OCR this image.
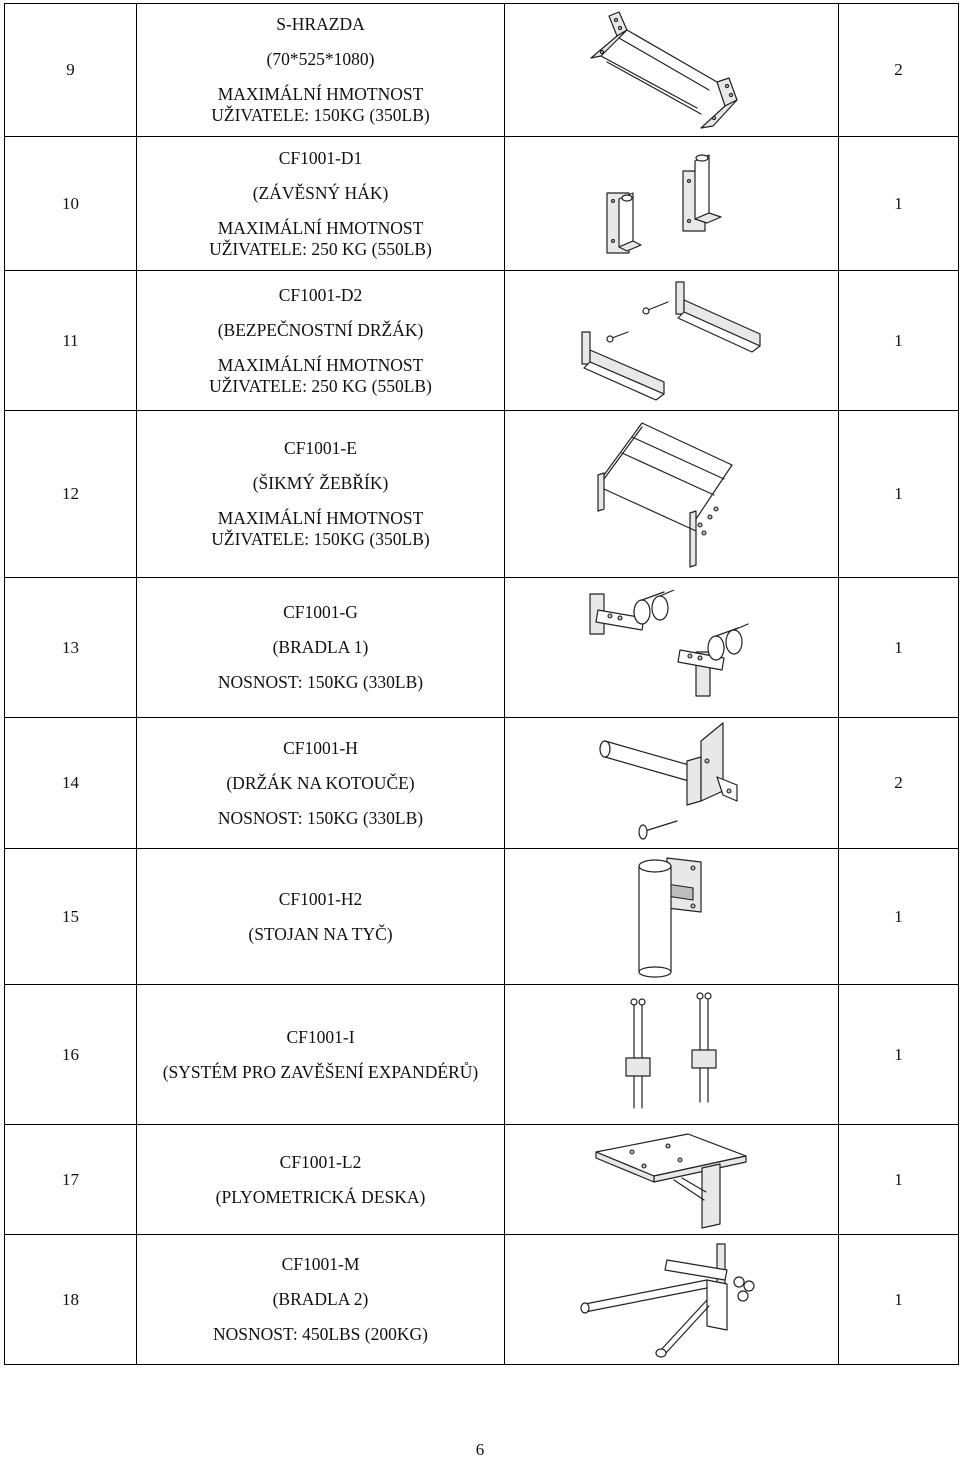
9	S-HRAZDA

(70*525*1080)

MAXIMÁLNÍ HMOTNOST

UŽIVATELE: 150KG (350LB)		2
10	CF1001-D1

(ZÁVĚSNÝ HÁK)

MAXIMÁLNÍ HMOTNOST

UŽIVATELE: 250 KG (550LB)		1
11	CF1001-D2

(BEZPEČNOSTNÍ DRŽÁK)

MAXIMÁLNÍ HMOTNOST

UŽIVATELE: 250 KG (550LB)		1
12	CF1001-E

(ŠIKMÝ ŽEBŘÍK)

MAXIMÁLNÍ HMOTNOST

UŽIVATELE: 150KG (350LB)		1
13	CF1001-G

(BRADLA 1)

NOSNOST: 150KG (330LB)		1
14	CF1001-H

(DRŽÁK NA KOTOUČE)

NOSNOST: 150KG (330LB)		2
15	CF1001-H2

(STOJAN NA TYČ)		1
16	CF1001-I

(SYSTÉM PRO ZAVĚŠENÍ EXPANDÉRŮ)		1
17	CF1001-L2

(PLYOMETRICKÁ DESKA)		1
18	CF1001-M

(BRADLA 2)

NOSNOST: 450LBS (200KG)		1
6
